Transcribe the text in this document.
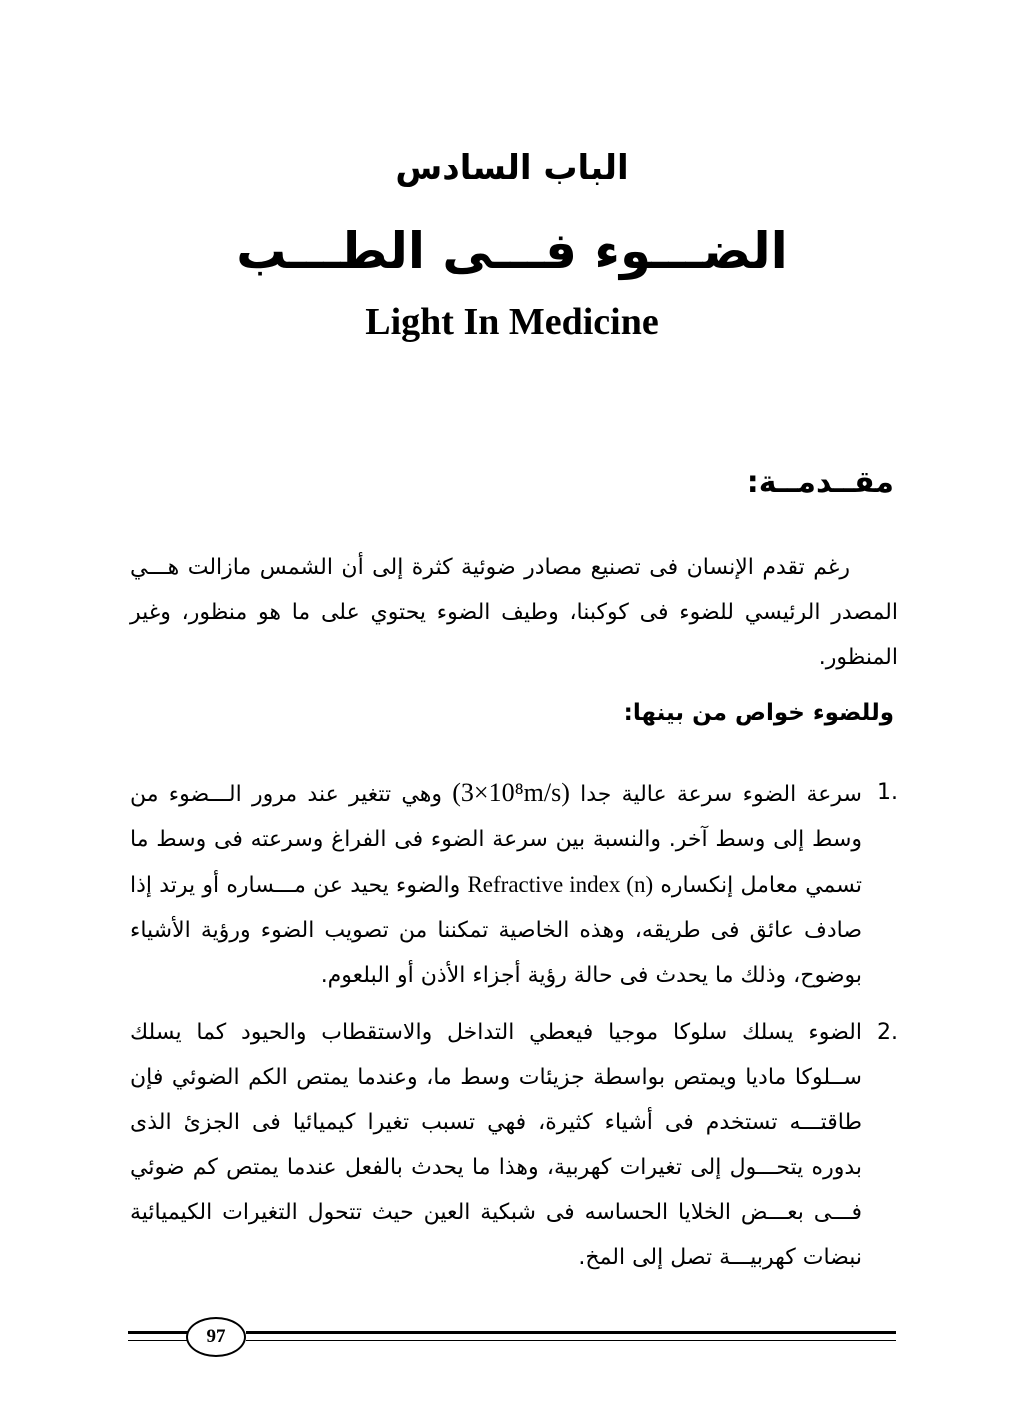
الباب السادس
الضـــوء فـــى الطـــب
Light In Medicine
مقــدمــة:
رغم تقدم الإنسان فى تصنيع مصادر ضوئية كثرة إلى أن الشمس مازالت هـــي المصدر الرئيسي للضوء فى كوكبنا، وطيف الضوء يحتوي على ما هو منظور، وغير المنظور.
وللضوء خواص من بينها:
1.
سرعة الضوء سرعة عالية جدا (3×10⁸m/s) وهي تتغير عند مرور الـــضوء من وسط إلى وسط آخر. والنسبة بين سرعة الضوء فى الفراغ وسرعته فى وسط ما تسمي معامل إنكساره Refractive index (n) والضوء يحيد عن مـــساره أو يرتد إذا صادف عائق فى طريقه، وهذه الخاصية تمكننا من تصويب الضوء ورؤية الأشياء بوضوح، وذلك ما يحدث فى حالة رؤية أجزاء الأذن أو البلعوم.
2.
الضوء يسلك سلوكا موجيا فيعطي التداخل والاستقطاب والحيود كما يسلك ســلوكا ماديا ويمتص بواسطة جزيئات وسط ما، وعندما يمتص الكم الضوئي فإن طاقتـــه تستخدم فى أشياء كثيرة، فهي تسبب تغيرا كيميائيا فى الجزئ الذى بدوره يتحـــول إلى تغيرات كهربية، وهذا ما يحدث بالفعل عندما يمتص كم ضوئي فـــى بعـــض الخلايا الحساسه فى شبكية العين حيث تتحول التغيرات الكيميائية نبضات كهربيـــة تصل إلى المخ.
97
